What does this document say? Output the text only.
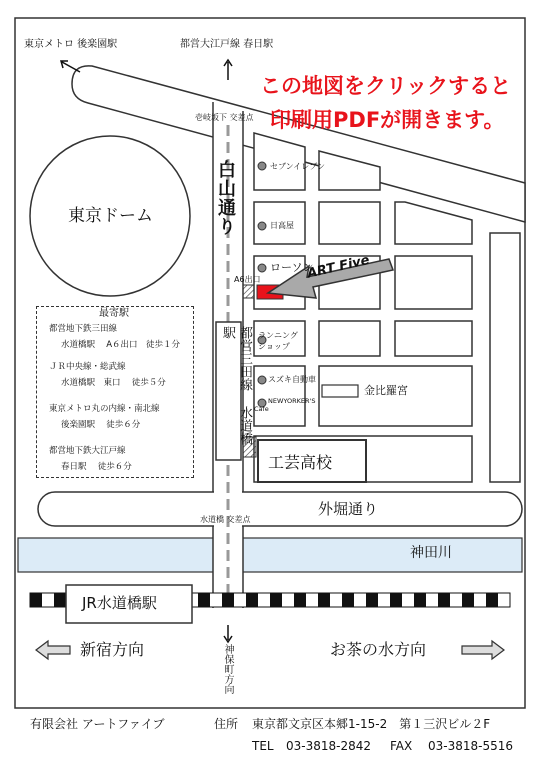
この地図をクリックすると
印刷用PDFが開きます。
東京メトロ 後楽園駅	都営大江戸線 春日駅
神保町方向
新宿方向	お茶の水方向
壱岐坂下 交差点
水道橋 交差点
白山通り
外堀通り
神田川
東京ドーム
セブンイレブン
日高屋
ローソン
A6出口
ランニング
ショップ
スズキ自動車
NEWYORKER'S
Cafe
金比羅宮
工芸高校
ART Five
都営三田線 水道橋駅
JR水道橋駅
最寄駅
都営地下鉄三田線
水道橋駅　 A６出口　徒歩１分
ＪＲ中央線・総武線
水道橋駅　東口　 徒歩５分
東京メトロ丸の内線・南北線
後楽園駅　 徒歩６分
都営地下鉄大江戸線
春日駅　 徒歩６分
有限会社 アートファイブ	住所 東京都文京区本郷1-15-2　第１三沢ビル２F
TEL 03-3818-2842 FAX 03-3818-5516
